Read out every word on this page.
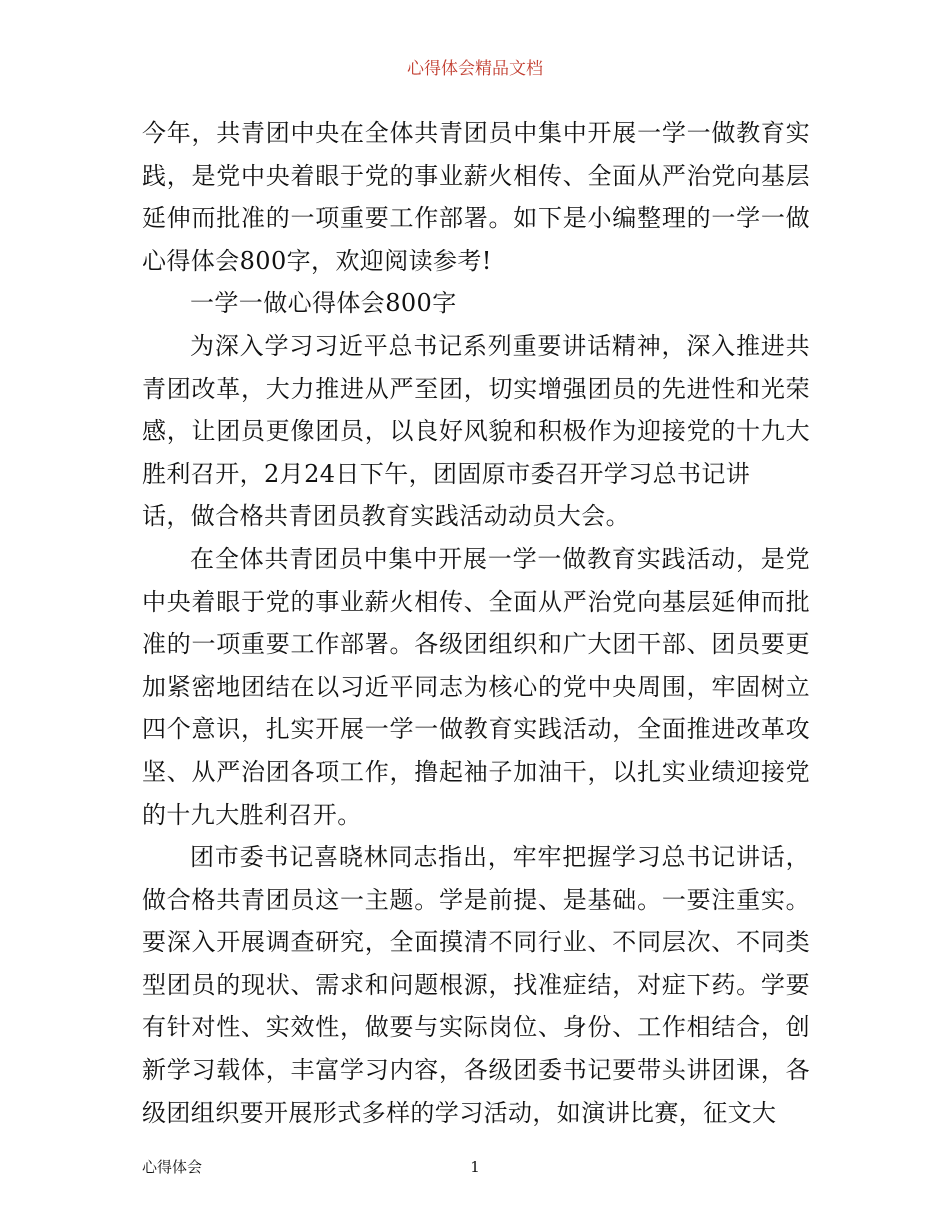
心得体会精品文档

今年，共青团中央在全体共青团员中集中开展一学一做教育实践，是党中央着眼于党的事业薪火相传、全面从严治党向基层延伸而批准的一项重要工作部署。如下是小编整理的一学一做心得体会800字，欢迎阅读参考!

一学一做心得体会800字

为深入学习习近平总书记系列重要讲话精神，深入推进共青团改革，大力推进从严至团，切实增强团员的先进性和光荣感，让团员更像团员，以良好风貌和积极作为迎接党的十九大胜利召开，2月24日下午，团固原市委召开学习总书记讲

话，做合格共青团员教育实践活动动员大会。

在全体共青团员中集中开展一学一做教育实践活动，是党中央着眼于党的事业薪火相传、全面从严治党向基层延伸而批准的一项重要工作部署。各级团组织和广大团干部、团员要更加紧密地团结在以习近平同志为核心的党中央周围，牢固树立四个意识，扎实开展一学一做教育实践活动，全面推进改革攻坚、从严治团各项工作，撸起袖子加油干，以扎实业绩迎接党的十九大胜利召开。

团市委书记喜晓林同志指出，牢牢把握学习总书记讲话，做合格共青团员这一主题。学是前提、是基础。一要注重实。要深入开展调查研究，全面摸清不同行业、不同层次、不同类型团员的现状、需求和问题根源，找准症结，对症下药。学要有针对性、实效性，做要与实际岗位、身份、工作相结合，创新学习载体，丰富学习内容，各级团委书记要带头讲团课，各级团组织要开展形式多样的学习活动，如演讲比赛，征文大

心得体会	1
